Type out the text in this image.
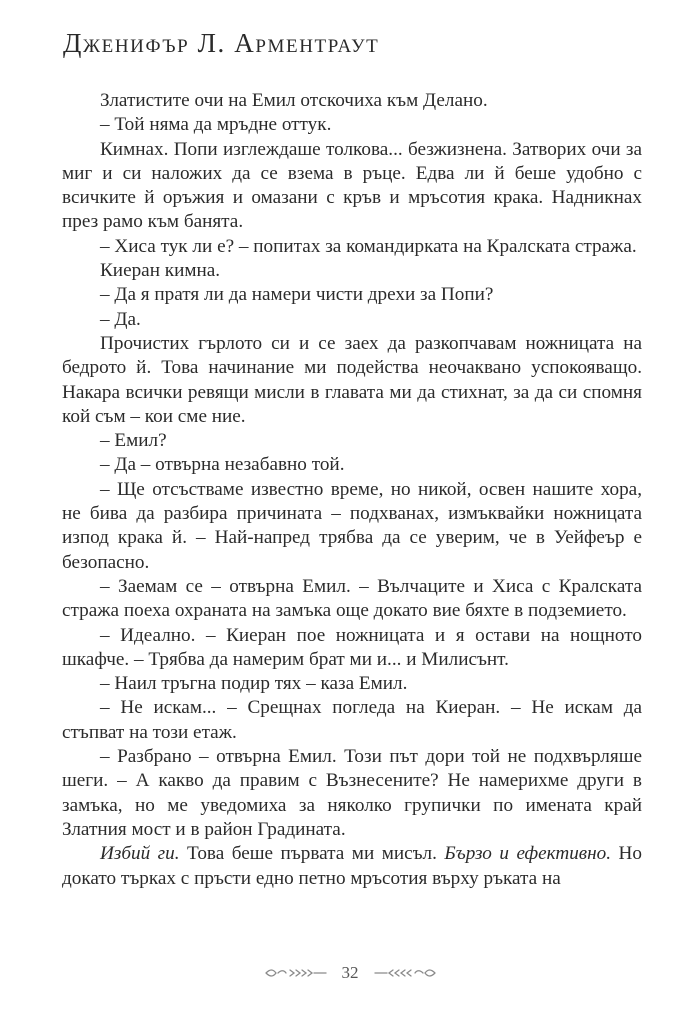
Дженифър Л. Арментраут

Златистите очи на Емил отскочиха към Делано.

– Той няма да мръдне оттук.

Кимнах. Попи изглеждаше толкова... безжизнена. Затворих очи за миг и си наложих да се взема в ръце. Едва ли й беше удобно с всичките й оръжия и омазани с кръв и мръсотия крака. Надникнах през рамо към банята.

– Хиса тук ли е? – попитах за командирката на Кралската стража.

Киеран кимна.

– Да я пратя ли да намери чисти дрехи за Попи?

– Да.

Прочистих гърлото си и се заех да разкопчавам ножницата на бедрото й. Това начинание ми подейства неочаквано успокояващо. Накара всички ревящи мисли в главата ми да стихнат, за да си спомня кой съм – кои сме ние.

– Емил?

– Да – отвърна незабавно той.

– Ще отсъстваме известно време, но никой, освен нашите хора, не бива да разбира причината – подхванах, измъквайки ножницата изпод крака й. – Най-напред трябва да се уверим, че в Уейфеър е безопасно.

– Заемам се – отвърна Емил. – Вълчаците и Хиса с Кралската стража поеха охраната на замъка още докато вие бяхте в подземието.

– Идеално. – Киеран пое ножницата и я остави на нощното шкафче. – Трябва да намерим брат ми и... и Милисънт.

– Наил тръгна подир тях – каза Емил.

– Не искам... – Срещнах погледа на Киеран. – Не искам да стъпват на този етаж.

– Разбрано – отвърна Емил. Този път дори той не подхвърляше шеги. – А какво да правим с Възнесените? Не намерихме други в замъка, но ме уведомиха за няколко групички по имената край Златния мост и в район Градината.

Избий ги. Това беше първата ми мисъл. Бързо и ефективно. Но докато търках с пръсти едно петно мръсотия върху ръката на

32
